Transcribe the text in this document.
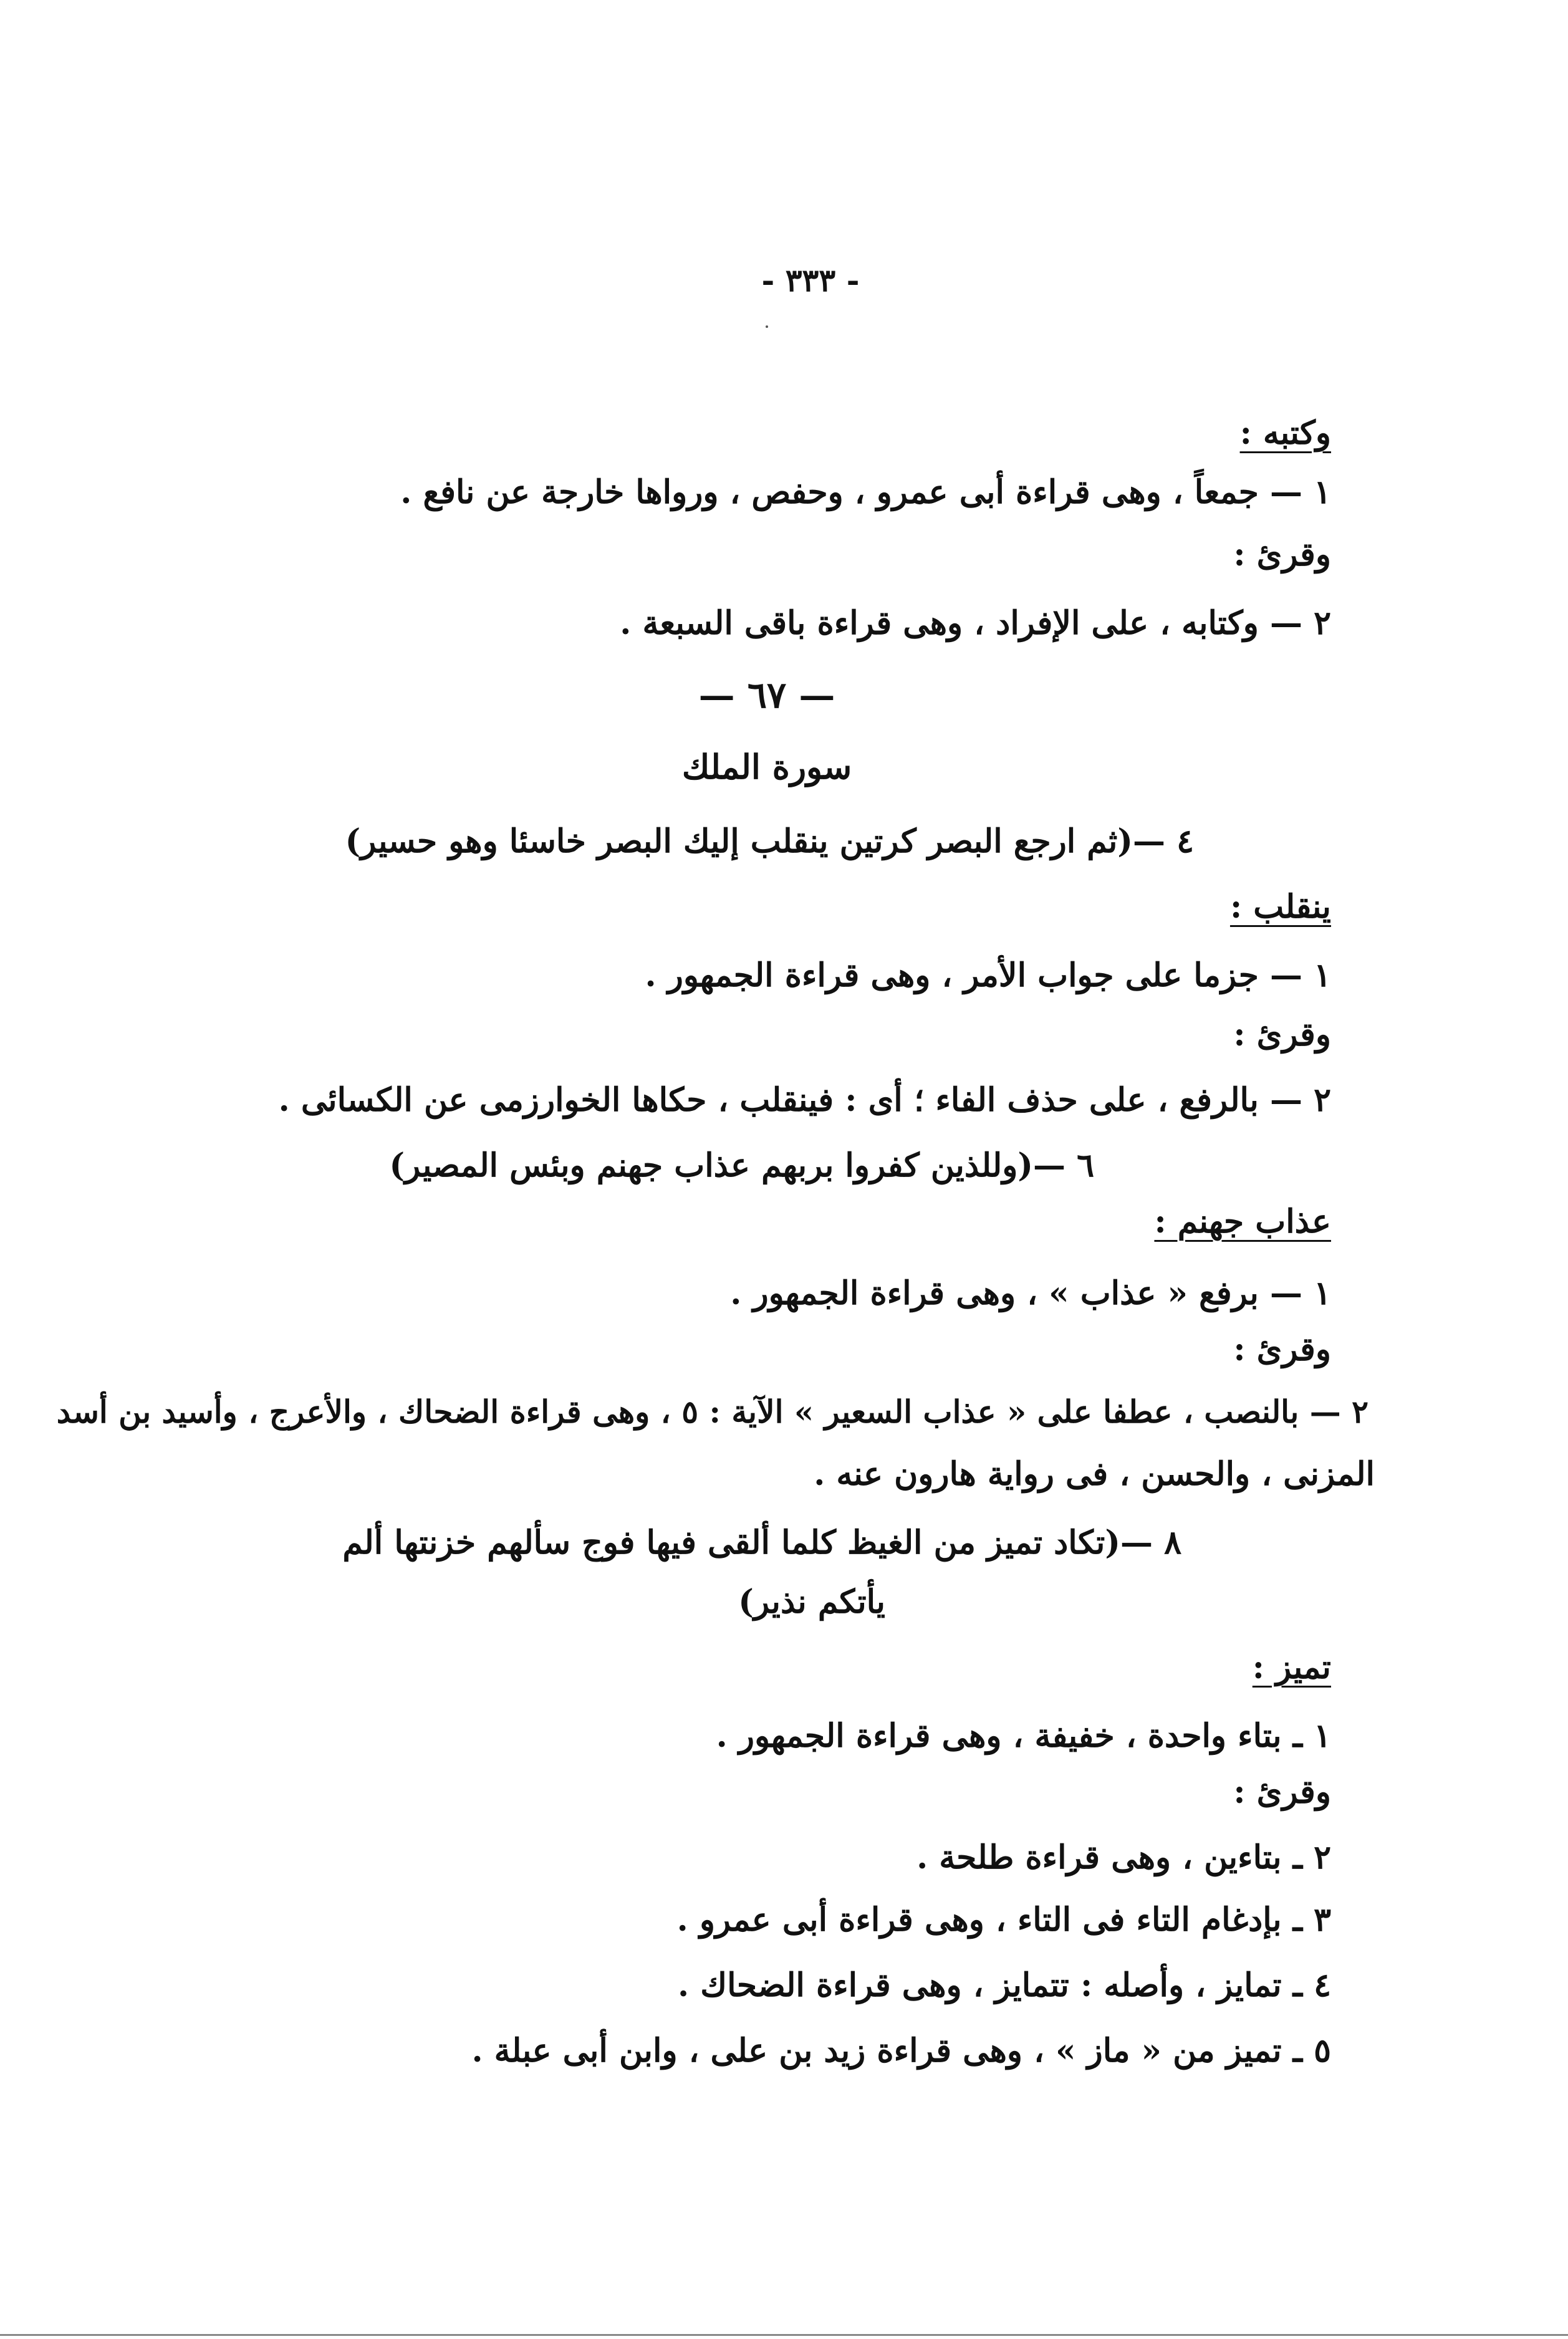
- ٣٣٣ -
وكتبه :
١ — جمعاً ، وهى قراءة أبى عمرو ، وحفص ، ورواها خارجة عن نافع .
وقرئ :
٢ — وكتابه ، على الإفراد ، وهى قراءة باقى السبعة .
— ٦٧ —
سورة الملك
٤ —(ثم ارجع البصر كرتين ينقلب إليك البصر خاسئا وهو حسير)
ينقلب :
١ — جزما على جواب الأمر ، وهى قراءة الجمهور .
وقرئ :
٢ — بالرفع ، على حذف الفاء ؛ أى : فينقلب ، حكاها الخوارزمى عن الكسائى .
٦ —(وللذين كفروا بربهم عذاب جهنم وبئس المصير)
عذاب جهنم :
١ — برفع « عذاب » ، وهى قراءة الجمهور .
وقرئ :
٢ — بالنصب ، عطفا على « عذاب السعير » الآية : ٥ ، وهى قراءة الضحاك ، والأعرج ، وأسيد بن أسد
المزنى ، والحسن ، فى رواية هارون عنه .
٨ —(تكاد تميز من الغيظ كلما ألقى فيها فوج سألهم خزنتها ألم
يأتكم نذير)
تميز :
١ ـ بتاء واحدة ، خفيفة ، وهى قراءة الجمهور .
وقرئ :
٢ ـ بتاءين ، وهى قراءة طلحة .
٣ ـ بإدغام التاء فى التاء ، وهى قراءة أبى عمرو .
٤ ـ تمايز ، وأصله : تتمايز ، وهى قراءة الضحاك .
٥ ـ تميز من « ماز » ، وهى قراءة زيد بن على ، وابن أبى عبلة .
